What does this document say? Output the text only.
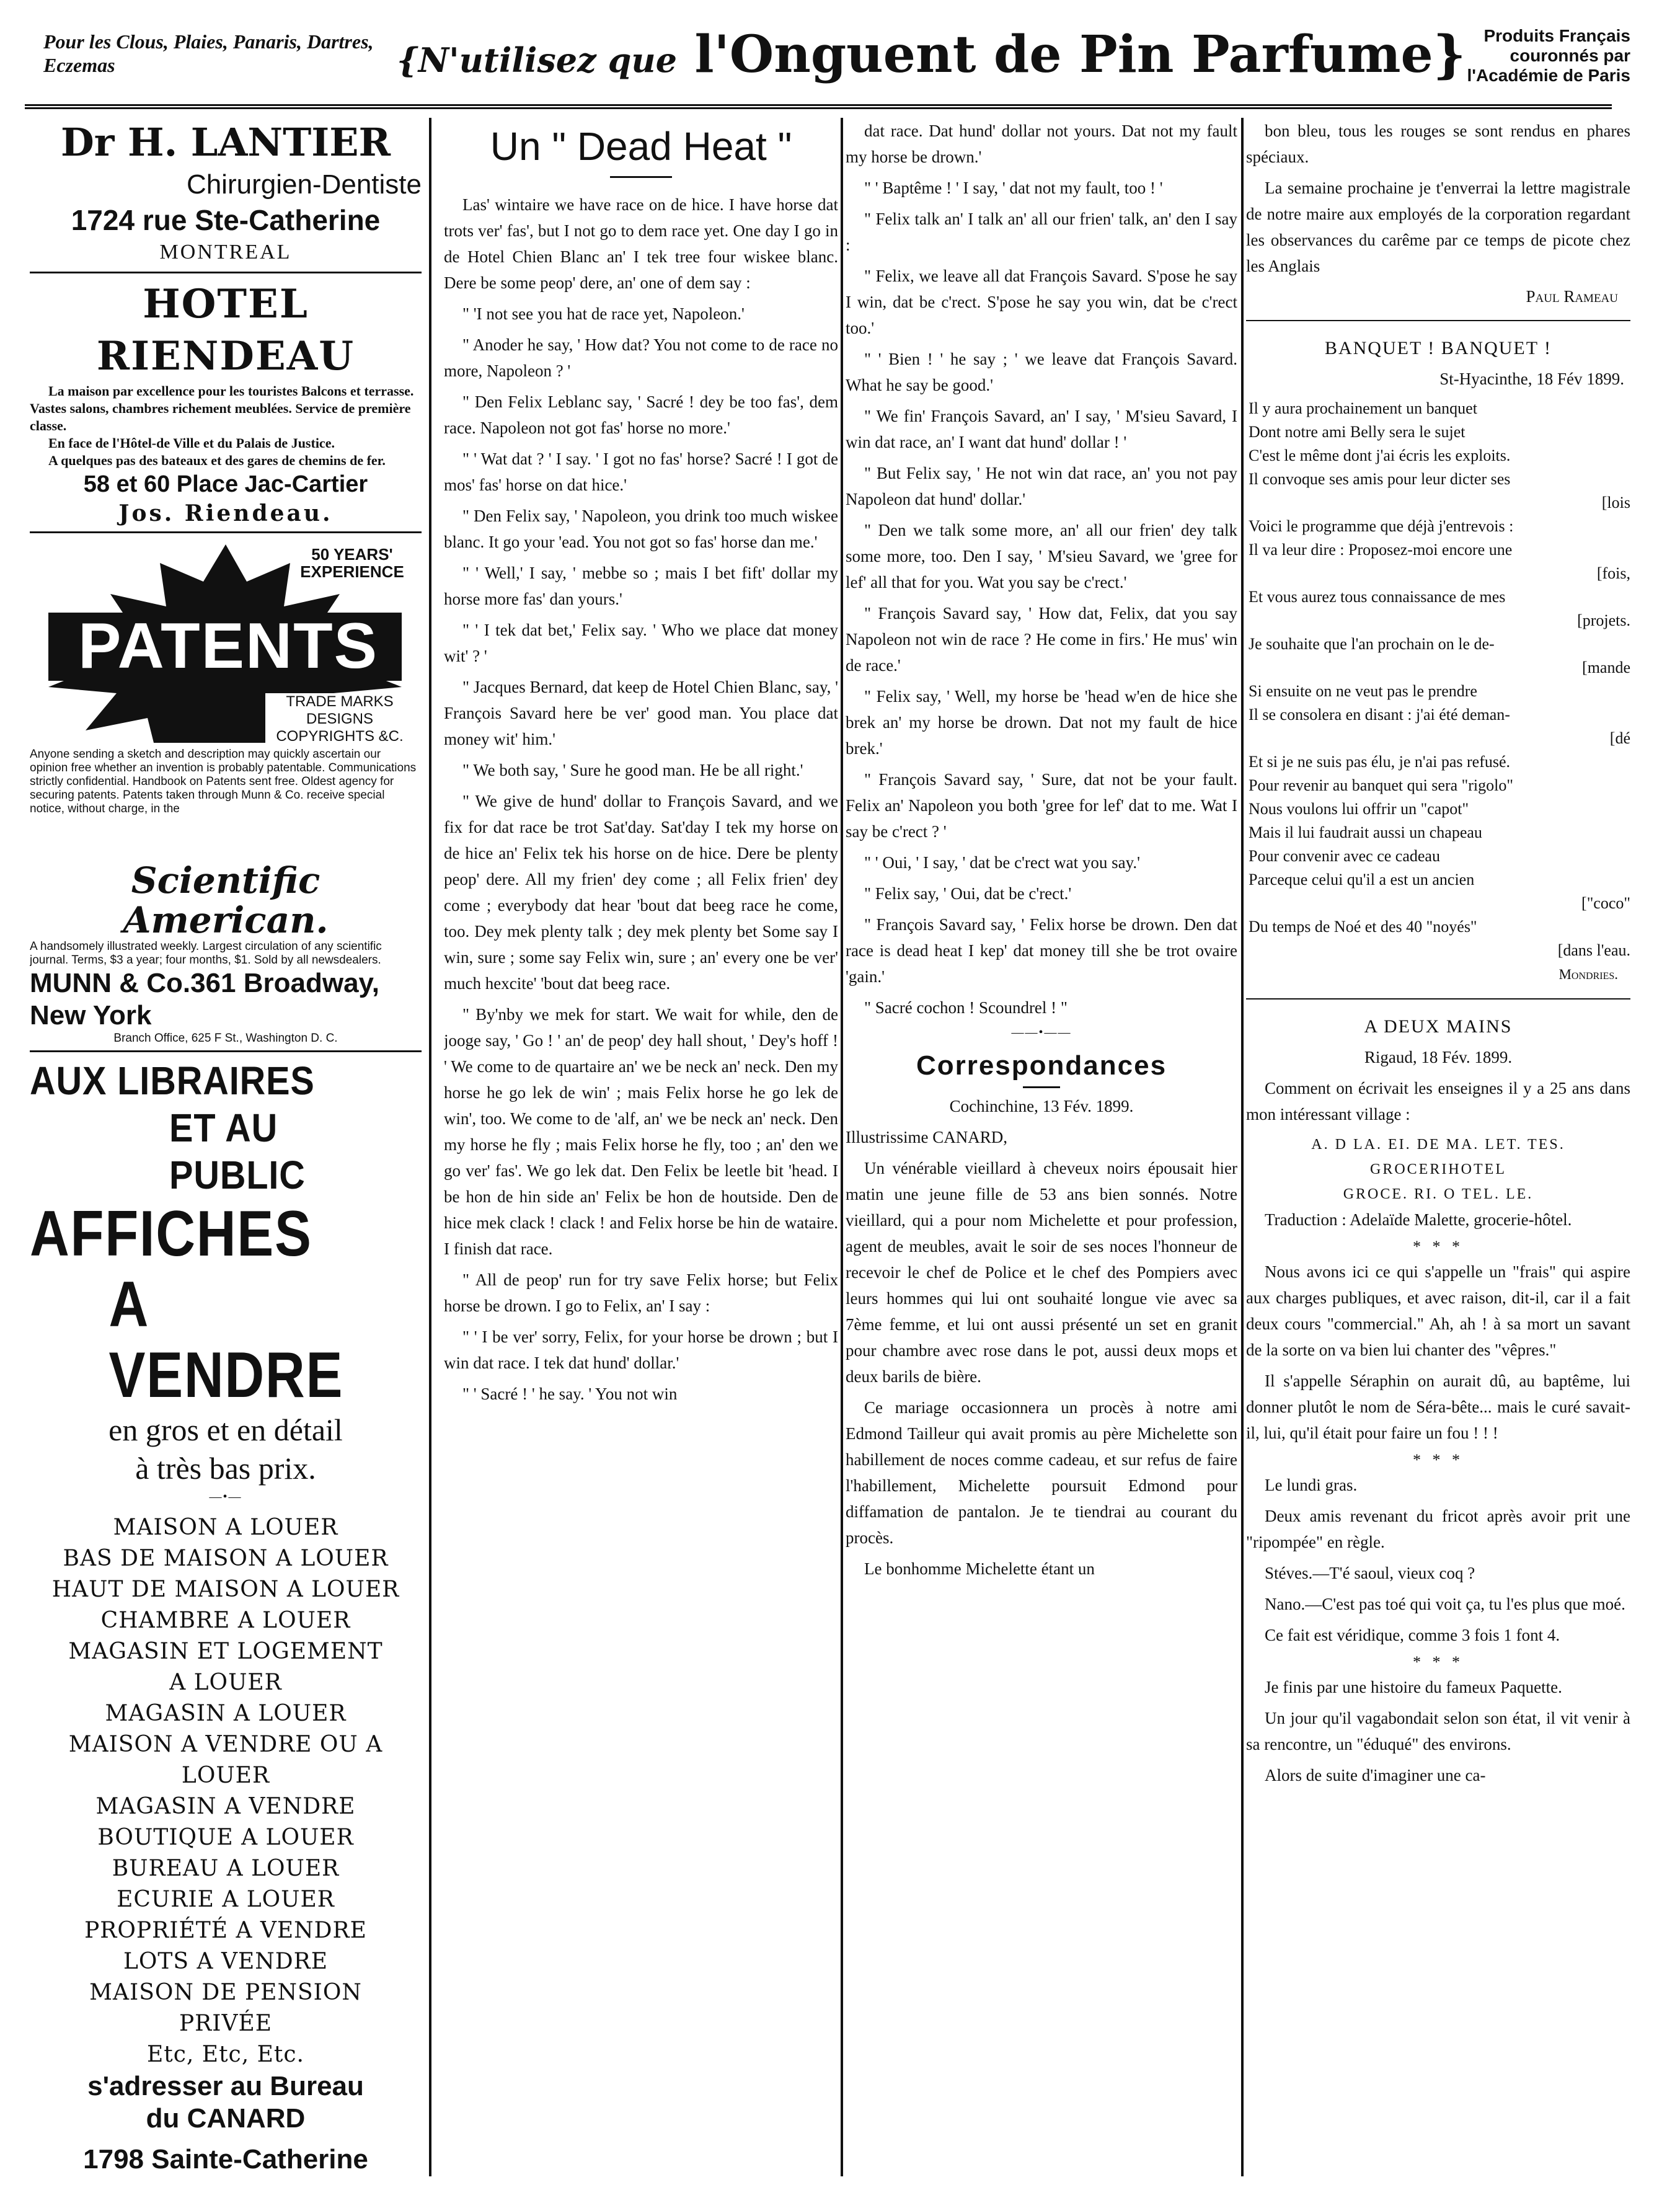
Pour les Clous, Plaies, Panaris, Dartres, Eczemas	{N'utilisez que l'Onguent de Pin Parfume}	Produits Français couronnés par l'Académie de Paris
Dr H. LANTIER
Chirurgien-Dentiste
1724 rue Ste-Catherine
MONTREAL
HOTEL RIENDEAU

La maison par excellence pour les touristes Balcons et terrasse. Vastes salons, chambres richement meublées. Service de première classe.

En face de l'Hôtel-de Ville et du Palais de Justice.

A quelques pas des bateaux et des gares de chemins de fer.

58 et 60 Place Jac-Cartier
Jos. Riendeau.
50 YEARS' EXPERIENCE
PATENTS
TRADE MARKS
DESIGNS
COPYRIGHTS &C.
Anyone sending a sketch and description may quickly ascertain our opinion free whether an invention is probably patentable. Communications strictly confidential. Handbook on Patents sent free. Oldest agency for securing patents. Patents taken through Munn & Co. receive special notice, without charge, in the
Scientific American.
A handsomely illustrated weekly. Largest circulation of any scientific journal. Terms, $3 a year; four months, $1. Sold by all newsdealers.
MUNN & Co.361 Broadway, New York
Branch Office, 625 F St., Washington D. C.
AUX LIBRAIRES
ET AU PUBLIC
AFFICHES
A VENDRE
en gros et en détail
à très bas prix.
—•—
MAISON A LOUER
BAS DE MAISON A LOUER
HAUT DE MAISON A LOUER
CHAMBRE A LOUER
MAGASIN ET LOGEMENT
A LOUER
MAGASIN A LOUER
MAISON A VENDRE OU A
LOUER
MAGASIN A VENDRE
BOUTIQUE A LOUER
BUREAU A LOUER
ECURIE A LOUER
PROPRIÉTÉ A VENDRE
LOTS A VENDRE
MAISON DE PENSION
PRIVÉE
Etc, Etc, Etc.
s'adresser au Bureau
du CANARD
1798 Sainte-Catherine
Un " Dead Heat "
Las' wintaire we have race on de hice. I have horse dat trots ver' fas', but I not go to dem race yet. One day I go in de Hotel Chien Blanc an' I tek tree four wiskee blanc. Dere be some peop' dere, an' one of dem say :
" 'I not see you hat de race yet, Napoleon.'
" Anoder he say, ' How dat? You not come to de race no more, Napoleon ? '
" Den Felix Leblanc say, ' Sacré ! dey be too fas', dem race. Napoleon not got fas' horse no more.'
" ' Wat dat ? ' I say. ' I got no fas' horse? Sacré ! I got de mos' fas' horse on dat hice.'
" Den Felix say, ' Napoleon, you drink too much wiskee blanc. It go your 'ead. You not got so fas' horse dan me.'
" ' Well,' I say, ' mebbe so ; mais I bet fift' dollar my horse more fas' dan yours.'
" ' I tek dat bet,' Felix say. ' Who we place dat money wit' ? '
" Jacques Bernard, dat keep de Hotel Chien Blanc, say, ' François Savard here be ver' good man. You place dat money wit' him.'
" We both say, ' Sure he good man. He be all right.'
" We give de hund' dollar to François Savard, and we fix for dat race be trot Sat'day. Sat'day I tek my horse on de hice an' Felix tek his horse on de hice. Dere be plenty peop' dere. All my frien' dey come ; all Felix frien' dey come ; everybody dat hear 'bout dat beeg race he come, too. Dey mek plenty talk ; dey mek plenty bet Some say I win, sure ; some say Felix win, sure ; an' every one be ver' much hexcite' 'bout dat beeg race.
" By'nby we mek for start. We wait for while, den de jooge say, ' Go ! ' an' de peop' dey hall shout, ' Dey's hoff ! ' We come to de quartaire an' we be neck an' neck. Den my horse he go lek de win' ; mais Felix horse he go lek de win', too. We come to de 'alf, an' we be neck an' neck. Den my horse he fly ; mais Felix horse he fly, too ; an' den we go ver' fas'. We go lek dat. Den Felix be leetle bit 'head. I be hon de hin side an' Felix be hon de houtside. Den de hice mek clack ! clack ! and Felix horse be hin de wataire. I finish dat race.
" All de peop' run for try save Felix horse; but Felix horse be drown. I go to Felix, an' I say :
" ' I be ver' sorry, Felix, for your horse be drown ; but I win dat race. I tek dat hund' dollar.'
" ' Sacré ! ' he say. ' You not win
dat race. Dat hund' dollar not yours. Dat not my fault my horse be drown.'
" ' Baptême ! ' I say, ' dat not my fault, too ! '
" Felix talk an' I talk an' all our frien' talk, an' den I say :
" Felix, we leave all dat François Savard. S'pose he say I win, dat be c'rect. S'pose he say you win, dat be c'rect too.'
" ' Bien ! ' he say ; ' we leave dat François Savard. What he say be good.'
" We fin' François Savard, an' I say, ' M'sieu Savard, I win dat race, an' I want dat hund' dollar ! '
" But Felix say, ' He not win dat race, an' you not pay Napoleon dat hund' dollar.'
" Den we talk some more, an' all our frien' dey talk some more, too. Den I say, ' M'sieu Savard, we 'gree for lef' all that for you. Wat you say be c'rect.'
" François Savard say, ' How dat, Felix, dat you say Napoleon not win de race ? He come in firs.' He mus' win de race.'
" Felix say, ' Well, my horse be 'head w'en de hice she brek an' my horse be drown. Dat not my fault de hice brek.'
" François Savard say, ' Sure, dat not be your fault. Felix an' Napoleon you both 'gree for lef' dat to me. Wat I say be c'rect ? '
" ' Oui, ' I say, ' dat be c'rect wat you say.'
" Felix say, ' Oui, dat be c'rect.'
" François Savard say, ' Felix horse be drown. Den dat race is dead heat I kep' dat money till she be trot ovaire 'gain.'
" Sacré cochon ! Scoundrel ! "
——•——
Correspondances
Cochinchine, 13 Fév. 1899.
Illustrissime CANARD,
Un vénérable vieillard à cheveux noirs épousait hier matin une jeune fille de 53 ans bien sonnés. Notre vieillard, qui a pour nom Michelette et pour profession, agent de meubles, avait le soir de ses noces l'honneur de recevoir le chef de Police et le chef des Pompiers avec leurs hommes qui lui ont souhaité longue vie avec sa 7ème femme, et lui ont aussi présenté un set en granit pour chambre avec rose dans le pot, aussi deux mops et deux barils de bière.
Ce mariage occasionnera un procès à notre ami Edmond Tailleur qui avait promis au père Michelette son habillement de noces comme cadeau, et sur refus de faire l'habillement, Michelette poursuit Edmond pour diffamation de pantalon. Je te tiendrai au courant du procès.
Le bonhomme Michelette étant un
bon bleu, tous les rouges se sont rendus en phares spéciaux.
La semaine prochaine je t'enverrai la lettre magistrale de notre maire aux employés de la corporation regardant les observances du carême par ce temps de picote chez les Anglais
Paul Rameau
BANQUET ! BANQUET !
St-Hyacinthe, 18 Fév 1899.
Il y aura prochainement un banquet
Dont notre ami Belly sera le sujet
C'est le même dont j'ai écris les exploits.
Il convoque ses amis pour leur dicter ses
[lois
Voici le programme que déjà j'entrevois :
Il va leur dire : Proposez-moi encore une
[fois,
Et vous aurez tous connaissance de mes
[projets.
Je souhaite que l'an prochain on le de-
[mande
Si ensuite on ne veut pas le prendre
Il se consolera en disant : j'ai été deman-
[dé
Et si je ne suis pas élu, je n'ai pas refusé.
Pour revenir au banquet qui sera "rigolo"
Nous voulons lui offrir un "capot"
Mais il lui faudrait aussi un chapeau
Pour convenir avec ce cadeau
Parceque celui qu'il a est un ancien
["coco"
Du temps de Noé et des 40 "noyés"
[dans l'eau.
Mondries.
A DEUX MAINS
Rigaud, 18 Fév. 1899.
Comment on écrivait les enseignes il y a 25 ans dans mon intéressant village :
A. D LA. EI. DE MA. LET. TES.
GROCERIHOTEL
GROCE. RI. O TEL. LE.
Traduction : Adelaïde Malette, grocerie-hôtel.
* * *
Nous avons ici ce qui s'appelle un "frais" qui aspire aux charges publiques, et avec raison, dit-il, car il a fait deux cours "commercial." Ah, ah ! à sa mort un savant de la sorte on va bien lui chanter des "vêpres."
Il s'appelle Séraphin on aurait dû, au baptême, lui donner plutôt le nom de Séra-bête... mais le curé savait-il, lui, qu'il était pour faire un fou ! ! !
* * *
Le lundi gras.
Deux amis revenant du fricot après avoir prit une "ripompée" en règle.
Stéves.—T'é saoul, vieux coq ?
Nano.—C'est pas toé qui voit ça, tu l'es plus que moé.
Ce fait est véridique, comme 3 fois 1 font 4.
* * *
Je finis par une histoire du fameux Paquette.
Un jour qu'il vagabondait selon son état, il vit venir à sa rencontre, un "éduqué" des environs.
Alors de suite d'imaginer une ca-
